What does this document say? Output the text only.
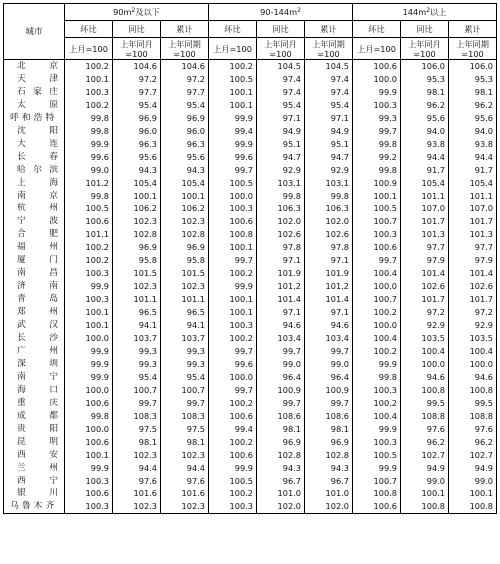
城市	$90m^2$及以下			$90-144m^2$			$144m^2$以上		
	环比	同比	累计	环比	同比	累计	环比	同比	累计
	上月=100	上年同月=100	上年同期=100	上月=100	上年同月=100	上年同期=100	上月=100	上年同月=100	上年同期=100
北　京	100.2	104.6	104.6	100.2	104.5	104.5	100.6	106.0	106.0
天　津	100.1	97.2	97.2	100.5	97.4	97.4	100.0	95.3	95.3
石家庄	100.3	97.7	97.7	100.1	97.4	97.4	99.9	98.1	98.1
太　原	100.2	95.4	95.4	100.1	95.4	95.4	100.3	96.2	96.2
呼和浩特	99.8	96.9	96.9	99.9	97.1	97.1	99.3	95.6	95.6
沈　阳	99.8	96.0	96.0	99.4	94.9	94.9	99.7	94.0	94.0
大　连	99.9	96.3	96.3	99.9	95.1	95.1	99.8	93.8	93.8
长　春	99.6	95.6	95.6	99.6	94.7	94.7	99.2	94.4	94.4
哈尔滨	99.0	94.3	94.3	99.7	92.9	92.9	99.8	91.7	91.7
上　海	101.2	105.4	105.4	100.5	103.1	103.1	100.9	105.4	105.4
南　京	99.8	100.1	100.1	100.0	99.8	99.8	100.1	101.1	101.1
杭　州	100.5	106.2	106.2	100.3	106.3	106.3	100.5	107.0	107.0
宁　波	100.6	102.3	102.3	100.6	102.0	102.0	100.7	101.7	101.7
合　肥	101.1	102.8	102.8	100.8	102.6	102.6	100.3	101.3	101.3
福　州	100.2	96.9	96.9	100.1	97.8	97.8	100.6	97.7	97.7
厦　门	100.2	95.8	95.8	99.7	97.1	97.1	99.7	97.9	97.9
南　昌	100.3	101.5	101.5	100.2	101.9	101.9	100.4	101.4	101.4
济　南	99.9	102.3	102.3	99.9	101.2	101.2	100.0	102.6	102.6
青　岛	100.3	101.1	101.1	100.1	101.4	101.4	100.7	101.7	101.7
郑　州	100.1	96.5	96.5	100.1	97.1	97.1	100.2	97.2	97.2
武　汉	100.1	94.1	94.1	100.3	94.6	94.6	100.0	92.9	92.9
长　沙	100.0	103.7	103.7	100.2	103.4	103.4	100.4	103.5	103.5
广　州	99.9	99.3	99.3	99.7	99.7	99.7	100.2	100.4	100.4
深　圳	99.9	99.3	99.3	99.6	99.0	99.0	99.9	100.0	100.0
南　宁	99.9	95.4	95.4	100.0	96.4	96.4	99.8	94.6	94.6
海　口	100.0	100.7	100.7	99.7	100.9	100.9	100.3	100.8	100.8
重　庆	100.6	99.7	99.7	100.2	99.7	99.7	100.2	99.5	99.5
成　都	99.8	108.3	108.3	100.6	108.6	108.6	100.4	108.8	108.8
贵　阳	100.0	97.5	97.5	99.4	98.1	98.1	99.9	97.6	97.6
昆　明	100.6	98.1	98.1	100.2	96.9	96.9	100.3	96.2	96.2
西　安	100.1	102.3	102.3	100.6	102.8	102.8	100.5	102.7	102.7
兰　州	99.9	94.4	94.4	99.9	94.3	94.3	99.9	94.9	94.9
西　宁	100.3	97.6	97.6	100.5	96.7	96.7	100.7	99.0	99.0
银　川	100.6	101.6	101.6	100.2	101.0	101.0	100.8	100.1	100.1
乌鲁木齐	100.3	102.3	102.3	100.3	102.0	102.0	100.6	100.8	100.8
